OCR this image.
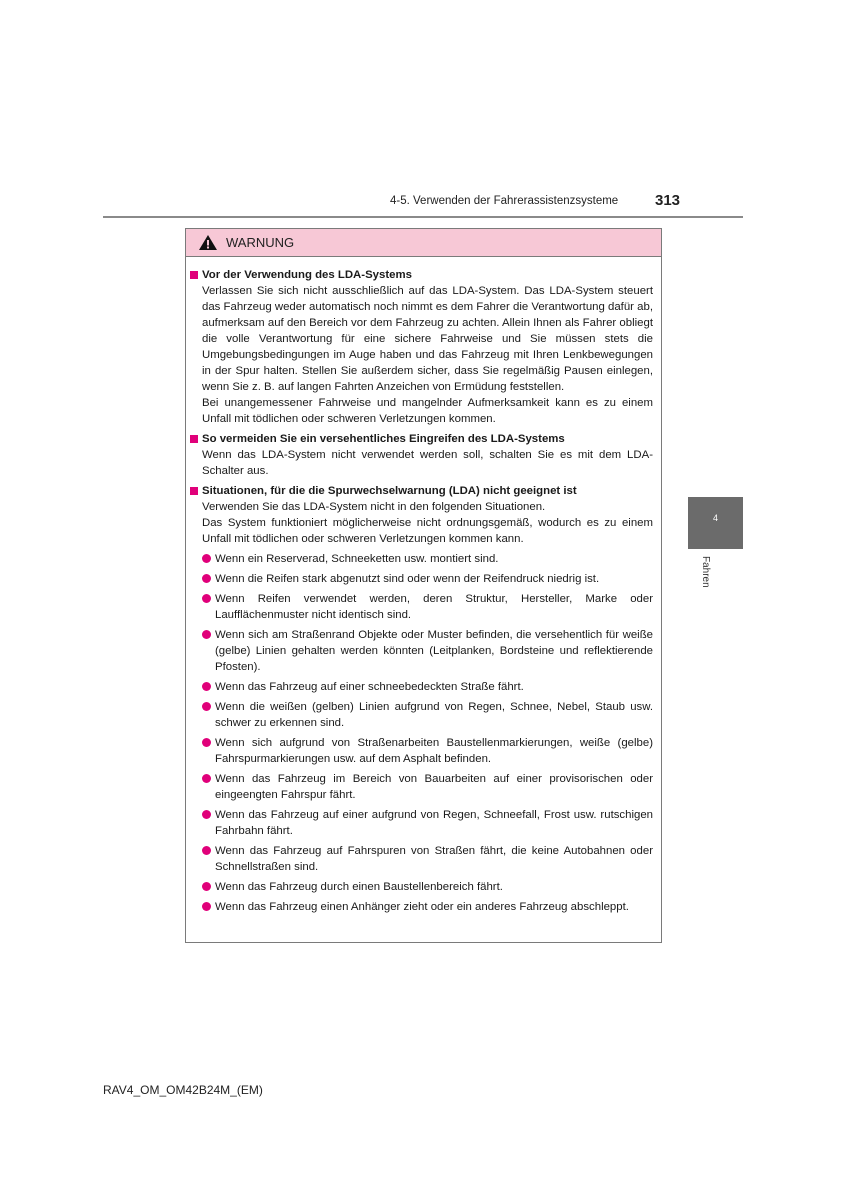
4-5. Verwenden der Fahrerassistenzsysteme 313
4
Fahren
WARNUNG
Vor der Verwendung des LDA-Systems
Verlassen Sie sich nicht ausschließlich auf das LDA-System. Das LDA-System steuert das Fahrzeug weder automatisch noch nimmt es dem Fahrer die Verantwortung dafür ab, aufmerksam auf den Bereich vor dem Fahrzeug zu achten. Allein Ihnen als Fahrer obliegt die volle Verantwortung für eine sichere Fahrweise und Sie müssen stets die Umgebungsbedingungen im Auge haben und das Fahrzeug mit Ihren Lenkbewegungen in der Spur halten. Stellen Sie außerdem sicher, dass Sie regelmäßig Pausen einlegen, wenn Sie z. B. auf langen Fahrten Anzeichen von Ermüdung feststellen.
Bei unangemessener Fahrweise und mangelnder Aufmerksamkeit kann es zu einem Unfall mit tödlichen oder schweren Verletzungen kommen.
So vermeiden Sie ein versehentliches Eingreifen des LDA-Systems
Wenn das LDA-System nicht verwendet werden soll, schalten Sie es mit dem LDA-Schalter aus.
Situationen, für die die Spurwechselwarnung (LDA) nicht geeignet ist
Verwenden Sie das LDA-System nicht in den folgenden Situationen.
Das System funktioniert möglicherweise nicht ordnungsgemäß, wodurch es zu einem Unfall mit tödlichen oder schweren Verletzungen kommen kann.
Wenn ein Reserverad, Schneeketten usw. montiert sind.
Wenn die Reifen stark abgenutzt sind oder wenn der Reifendruck niedrig ist.
Wenn Reifen verwendet werden, deren Struktur, Hersteller, Marke oder Laufflächenmuster nicht identisch sind.
Wenn sich am Straßenrand Objekte oder Muster befinden, die versehentlich für weiße (gelbe) Linien gehalten werden könnten (Leitplanken, Bordsteine und reflektierende Pfosten).
Wenn das Fahrzeug auf einer schneebedeckten Straße fährt.
Wenn die weißen (gelben) Linien aufgrund von Regen, Schnee, Nebel, Staub usw. schwer zu erkennen sind.
Wenn sich aufgrund von Straßenarbeiten Baustellenmarkierungen, weiße (gelbe) Fahrspurmarkierungen usw. auf dem Asphalt befinden.
Wenn das Fahrzeug im Bereich von Bauarbeiten auf einer provisorischen oder eingeengten Fahrspur fährt.
Wenn das Fahrzeug auf einer aufgrund von Regen, Schneefall, Frost usw. rutschigen Fahrbahn fährt.
Wenn das Fahrzeug auf Fahrspuren von Straßen fährt, die keine Autobahnen oder Schnellstraßen sind.
Wenn das Fahrzeug durch einen Baustellenbereich fährt.
Wenn das Fahrzeug einen Anhänger zieht oder ein anderes Fahrzeug abschleppt.
RAV4_OM_OM42B24M_(EM)
